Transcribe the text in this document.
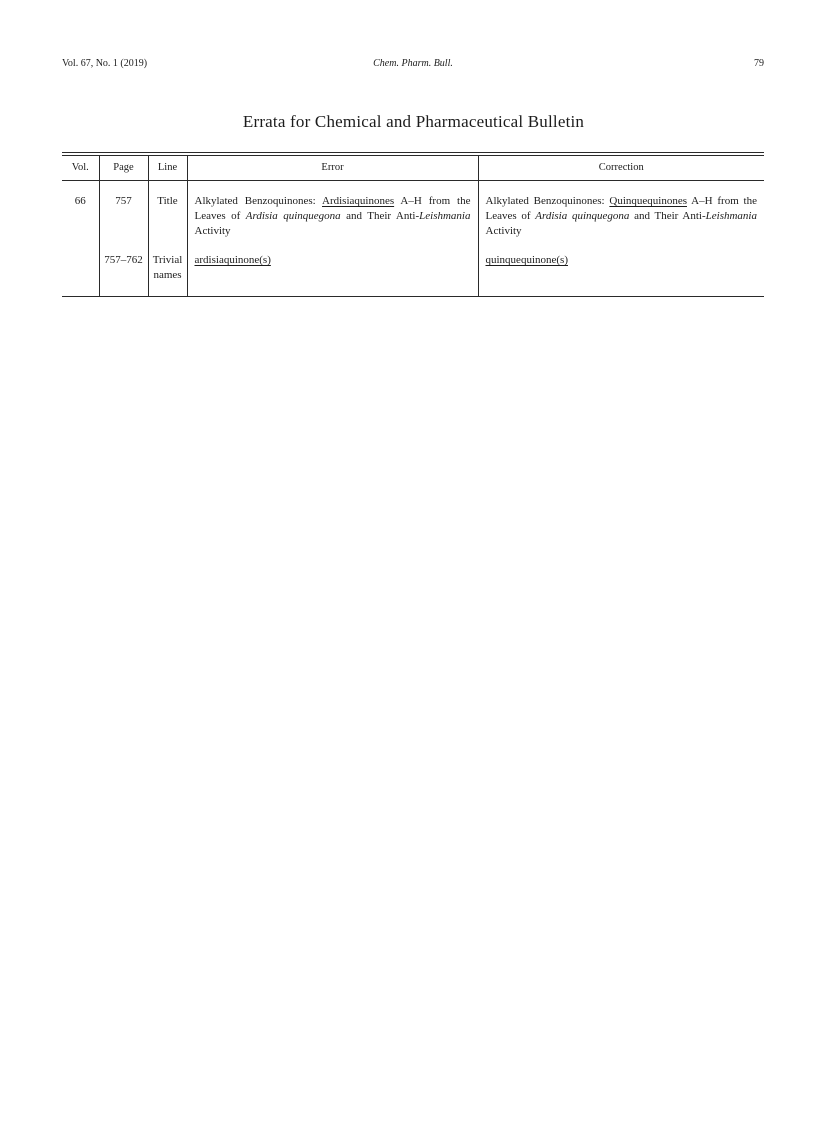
Vol. 67, No. 1 (2019)	Chem. Pharm. Bull.	79
Errata for Chemical and Pharmaceutical Bulletin
Vol.	Page	Line	Error	Correction
66	757	Title	Alkylated Benzoquinones: Ardisiaquinones A–H from the Leaves of Ardisia quinquegona and Their Anti-Leishmania Activity	Alkylated Benzoquinones: Quinquequinones A–H from the Leaves of Ardisia quinquegona and Their Anti-Leishmania Activity
	757–762	Trivial names	ardisiaquinone(s)	quinquequinone(s)
